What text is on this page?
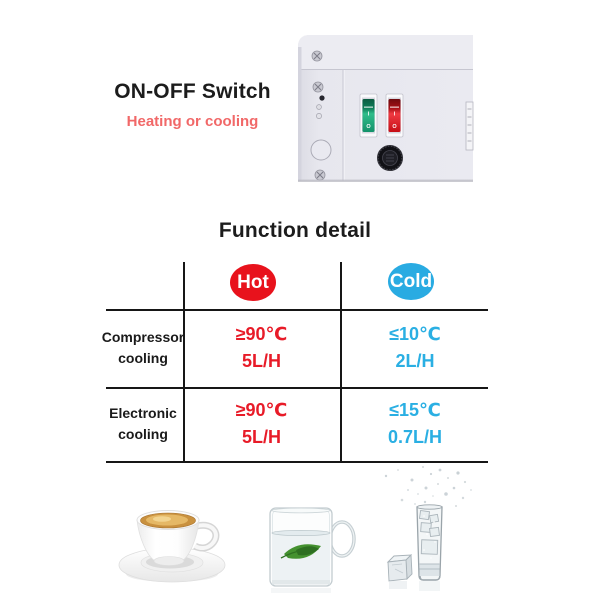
ON-OFF Switch
Heating or cooling	I
O
I
O
Function detail
Hot	Cold
Compressor
cooling
≥90℃
5L/H
≤10℃
2L/H
Electronic
cooling
≥90℃
5L/H
≤15℃
0.7L/H
